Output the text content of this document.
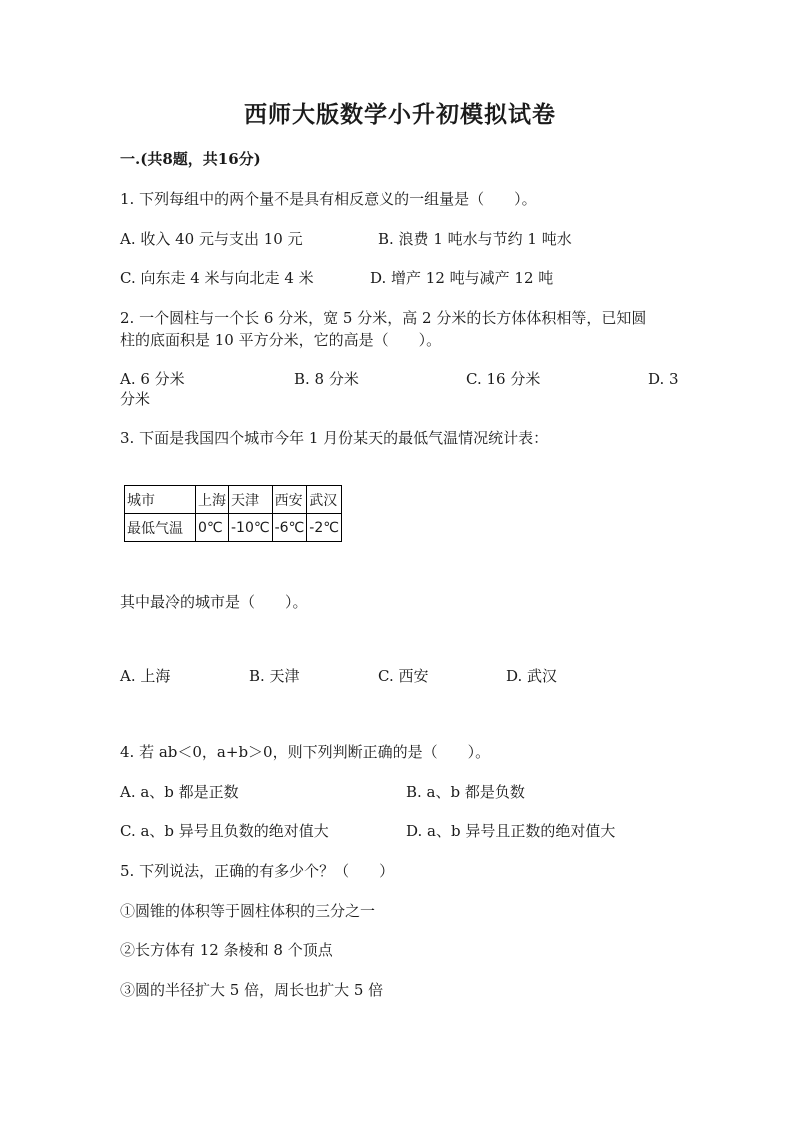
西师大版数学小升初模拟试卷
一.(共8题，共16分)
1. 下列每组中的两个量不是具有相反意义的一组量是（　　）。
A. 收入 40 元与支出 10 元	B. 浪费 1 吨水与节约 1 吨水
C. 向东走 4 米与向北走 4 米	D. 增产 12 吨与减产 12 吨
2. 一个圆柱与一个长 6 分米，宽 5 分米，高 2 分米的长方体体积相等，已知圆
柱的底面积是 10 平方分米，它的高是（　　）。
A. 6 分米	B. 8 分米	C. 16 分米	D. 3
分米
3. 下面是我国四个城市今年 1 月份某天的最低气温情况统计表：
城市	上海	天津	西安	武汉
最低气温	0℃	-10℃	-6℃	-2℃
其中最冷的城市是（　　）。
A. 上海	B. 天津	C. 西安	D. 武汉
4. 若 ab＜0，a+b＞0，则下列判断正确的是（　　）。
A. a、b 都是正数	B. a、b 都是负数
C. a、b 异号且负数的绝对值大	D. a、b 异号且正数的绝对值大
5. 下列说法，正确的有多少个？（　　）
①圆锥的体积等于圆柱体积的三分之一
②长方体有 12 条棱和 8 个顶点
③圆的半径扩大 5 倍，周长也扩大 5 倍
